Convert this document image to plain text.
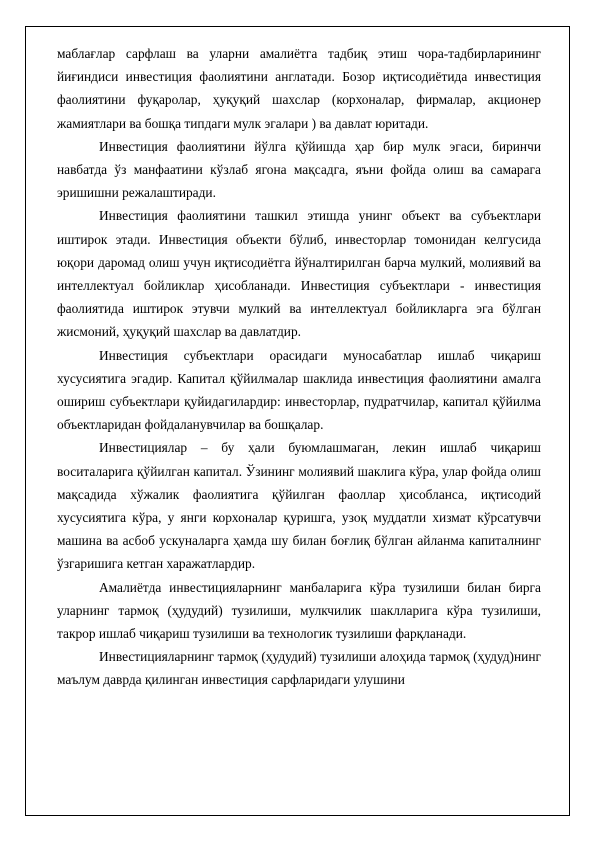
маблағлар сарфлаш ва уларни амалиётга тадбиқ этиш чора-тадбирларининг йиғиндиси инвестиция фаолиятини англатади. Бозор иқтисодиётида инвестиция фаолиятини фуқаролар, ҳуқуқий шахслар (корхоналар, фирмалар, акционер жамиятлари ва бошқа типдаги мулк эгалари ) ва давлат юритади.

Инвестиция фаолиятини йўлга қўйишда ҳар бир мулк эгаси, биринчи навбатда ўз манфаатини кўзлаб ягона мақсадга, яъни фойда олиш ва самарага эришишни режалаштиради.

Инвестиция фаолиятини ташкил этишда унинг объект ва субъектлари иштирок этади. Инвестиция объекти бўлиб, инвесторлар томонидан келгусида юқори даромад олиш учун иқтисодиётга йўналтирилган барча мулкий, молиявий ва интеллектуал бойликлар ҳисобланади. Инвестиция субъектлари - инвестиция фаолиятида иштирок этувчи мулкий ва интеллектуал бойликларга эга бўлган жисмоний, ҳуқуқий шахслар ва давлатдир.

Инвестиция субъектлари орасидаги муносабатлар ишлаб чиқариш хусусиятига эгадир. Капитал қўйилмалар шаклида инвестиция фаолиятини амалга ошириш субъектлари қуйидагилардир: инвесторлар, пудратчилар, капитал қўйилма объектларидан фойдаланувчилар ва бошқалар.

Инвестициялар – бу ҳали буюмлашмаган, лекин ишлаб чиқариш воситаларига қўйилган капитал. Ўзининг молиявий шаклига кўра, улар фойда олиш мақсадида хўжалик фаолиятига қўйилган фаоллар ҳисобланса, иқтисодий хусусиятига кўра, у янги корхоналар қуришга, узоқ муддатли хизмат кўрсатувчи машина ва асбоб ускуналарга ҳамда шу билан боғлиқ бўлган айланма капиталнинг ўзгаришига кетган харажатлардир.

Амалиётда инвестицияларнинг манбаларига кўра тузилиши билан бирга уларнинг тармоқ (ҳудудий) тузилиши, мулкчилик шаклларига кўра тузилиши, такрор ишлаб чиқариш тузилиши ва технологик тузилиши фарқланади.

Инвестицияларнинг тармоқ (ҳудудий) тузилиши алоҳида тармоқ (ҳудуд)нинг маълум даврда қилинган инвестиция сарфларидаги улушини
